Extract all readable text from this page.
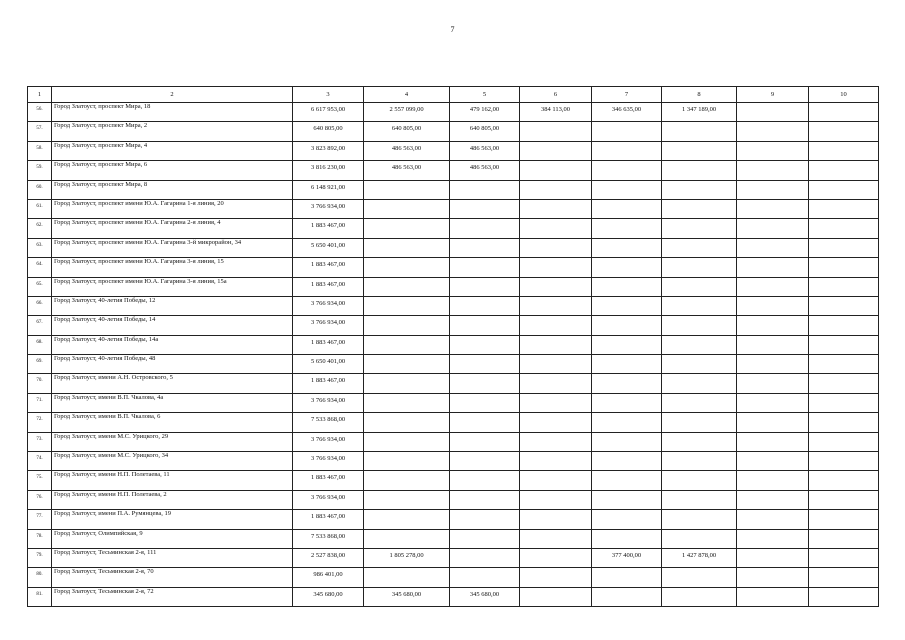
7
1	2	3	4	5	6	7	8	9	10
56.	Город Златоуст, проспект Мира, 18	6 617 953,00	2 557 099,00	479 162,00	384 113,00	346 635,00	1 347 189,00		
57.	Город Златоуст, проспект Мира, 2	640 805,00	640 805,00	640 805,00					
58.	Город Златоуст, проспект Мира, 4	3 823 892,00	486 563,00	486 563,00					
59.	Город Златоуст, проспект Мира, 6	3 816 230,00	486 563,00	486 563,00					
60.	Город Златоуст, проспект Мира, 8	6 148 921,00							
61.	Город Златоуст, проспект имени Ю.А. Гагарина 1-я линия, 20	3 766 934,00							
62.	Город Златоуст, проспект имени Ю.А. Гагарина 2-я линия, 4	1 883 467,00							
63.	Город Златоуст, проспект имени Ю.А. Гагарина 3-й микрорайон, 34	5 650 401,00							
64.	Город Златоуст, проспект имени Ю.А. Гагарина 3-я линия, 15	1 883 467,00							
65.	Город Златоуст, проспект имени Ю.А. Гагарина 3-я линия, 15а	1 883 467,00							
66.	Город Златоуст, 40-летия Победы, 12	3 766 934,00							
67.	Город Златоуст, 40-летия Победы, 14	3 766 934,00							
68.	Город Златоуст, 40-летия Победы, 14а	1 883 467,00							
69.	Город Златоуст, 40-летия Победы, 48	5 650 401,00							
70.	Город Златоуст, имени А.Н. Островского, 5	1 883 467,00							
71.	Город Златоуст, имени В.П. Чкалова, 4а	3 766 934,00							
72.	Город Златоуст, имени В.П. Чкалова, 6	7 533 868,00							
73.	Город Златоуст, имени М.С. Урицкого, 29	3 766 934,00							
74.	Город Златоуст, имени М.С. Урицкого, 34	3 766 934,00							
75.	Город Златоуст, имени Н.П. Полетаева, 11	1 883 467,00							
76.	Город Златоуст, имени Н.П. Полетаева, 2	3 766 934,00							
77.	Город Златоуст, имени П.А. Румянцева, 19	1 883 467,00							
78.	Город Златоуст, Олимпийская, 9	7 533 868,00							
79.	Город Златоуст, Тесьминская 2-я, 111	2 527 838,00	1 805 278,00			377 400,00	1 427 878,00		
80.	Город Златоуст, Тесьминская 2-я, 70	986 401,00							
81.	Город Златоуст, Тесьминская 2-я, 72	345 680,00	345 680,00	345 680,00					
